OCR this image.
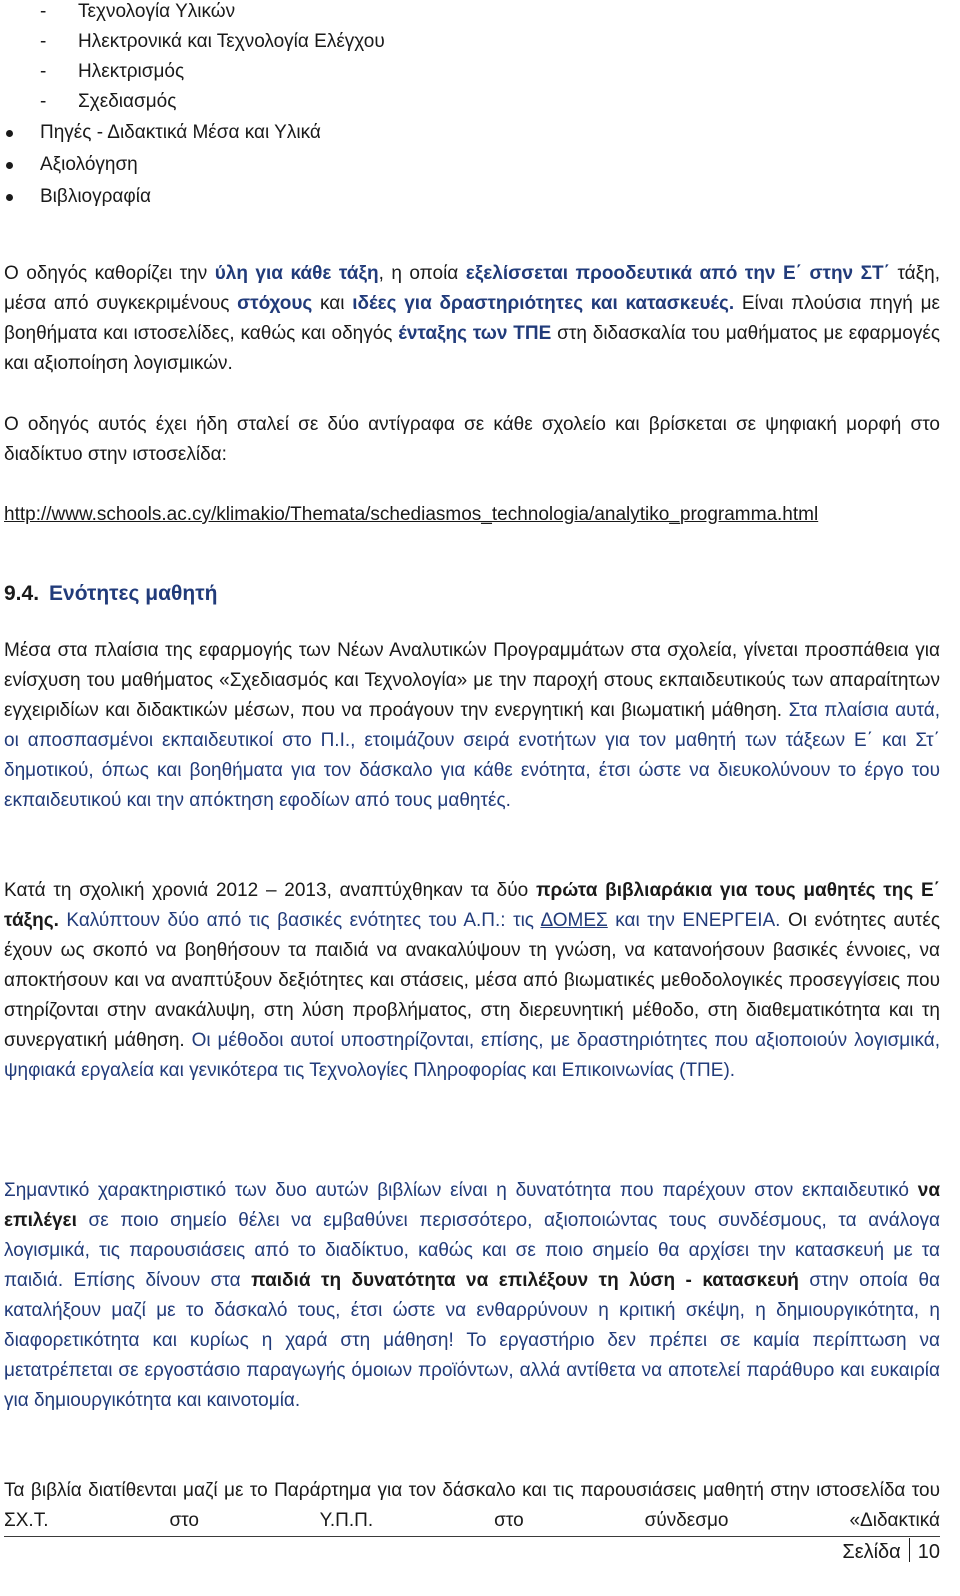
- Τεχνολογία Υλικών
- Ηλεκτρονικά και Τεχνολογία Ελέγχου
- Ηλεκτρισμός
- Σχεδιασμός
Πηγές - Διδακτικά Μέσα και Υλικά
Αξιολόγηση
Βιβλιογραφία

Ο οδηγός καθορίζει την ύλη για κάθε τάξη, η οποία εξελίσσεται προοδευτικά από την Ε΄ στην ΣΤ΄ τάξη, μέσα από συγκεκριμένους στόχους και ιδέες για δραστηριότητες και κατασκευές. Είναι πλούσια πηγή με βοηθήματα και ιστοσελίδες, καθώς και οδηγός ένταξης των ΤΠΕ στη διδασκαλία του μαθήματος με εφαρμογές και αξιοποίηση λογισμικών.

Ο οδηγός αυτός έχει ήδη σταλεί σε δύο αντίγραφα σε κάθε σχολείο και βρίσκεται σε ψηφιακή μορφή στο διαδίκτυο στην ιστοσελίδα:

http://www.schools.ac.cy/klimakio/Themata/schediasmos_technologia/analytiko_programma.html
9.4. Ενότητες μαθητή

Μέσα στα πλαίσια της εφαρμογής των Νέων Αναλυτικών Προγραμμάτων στα σχολεία, γίνεται προσπάθεια για ενίσχυση του μαθήματος «Σχεδιασμός και Τεχνολογία» με την παροχή στους εκπαιδευτικούς των απαραίτητων εγχειριδίων και διδακτικών μέσων, που να προάγουν την ενεργητική και βιωματική μάθηση. Στα πλαίσια αυτά, οι αποσπασμένοι εκπαιδευτικοί στο Π.Ι., ετοιμάζουν σειρά ενοτήτων για τον μαθητή των τάξεων Ε΄ και Στ΄ δημοτικού, όπως και βοηθήματα για τον δάσκαλο για κάθε ενότητα, έτσι ώστε να διευκολύνουν το έργο του εκπαιδευτικού και την απόκτηση εφοδίων από τους μαθητές.

Κατά τη σχολική χρονιά 2012 – 2013, αναπτύχθηκαν τα δύο πρώτα βιβλιαράκια για τους μαθητές της Ε΄ τάξης. Καλύπτουν δύο από τις βασικές ενότητες του Α.Π.: τις ΔΟΜΕΣ και την ΕΝΕΡΓΕΙΑ. Οι ενότητες αυτές έχουν ως σκοπό να βοηθήσουν τα παιδιά να ανακαλύψουν τη γνώση, να κατανοήσουν βασικές έννοιες, να αποκτήσουν και να αναπτύξουν δεξιότητες και στάσεις, μέσα από βιωματικές μεθοδολογικές προσεγγίσεις που στηρίζονται στην ανακάλυψη, στη λύση προβλήματος, στη διερευνητική μέθοδο, στη διαθεματικότητα και τη συνεργατική μάθηση. Οι μέθοδοι αυτοί υποστηρίζονται, επίσης, με δραστηριότητες που αξιοποιούν λογισμικά, ψηφιακά εργαλεία και γενικότερα τις Τεχνολογίες Πληροφορίας και Επικοινωνίας (ΤΠΕ).

Σημαντικό χαρακτηριστικό των δυο αυτών βιβλίων είναι η δυνατότητα που παρέχουν στον εκπαιδευτικό να επιλέγει σε ποιο σημείο θέλει να εμβαθύνει περισσότερο, αξιοποιώντας τους συνδέσμους, τα ανάλογα λογισμικά, τις παρουσιάσεις από το διαδίκτυο, καθώς και σε ποιο σημείο θα αρχίσει την κατασκευή με τα παιδιά. Επίσης δίνουν στα παιδιά τη δυνατότητα να επιλέξουν τη λύση - κατασκευή στην οποία θα καταλήξουν μαζί με το δάσκαλό τους, έτσι ώστε να ενθαρρύνουν η κριτική σκέψη, η δημιουργικότητα, η διαφορετικότητα και κυρίως η χαρά στη μάθηση! Το εργαστήριο δεν πρέπει σε καμία περίπτωση να μετατρέπεται σε εργοστάσιο παραγωγής όμοιων προϊόντων, αλλά αντίθετα να αποτελεί παράθυρο και ευκαιρία για δημιουργικότητα και καινοτομία.

Τα βιβλία διατίθενται μαζί με το Παράρτημα για τον δάσκαλο και τις παρουσιάσεις μαθητή στην ιστοσελίδα του ΣΧ.Τ. στο Υ.Π.Π. στο σύνδεσμο «Διδακτικά

Σελίδα 10
